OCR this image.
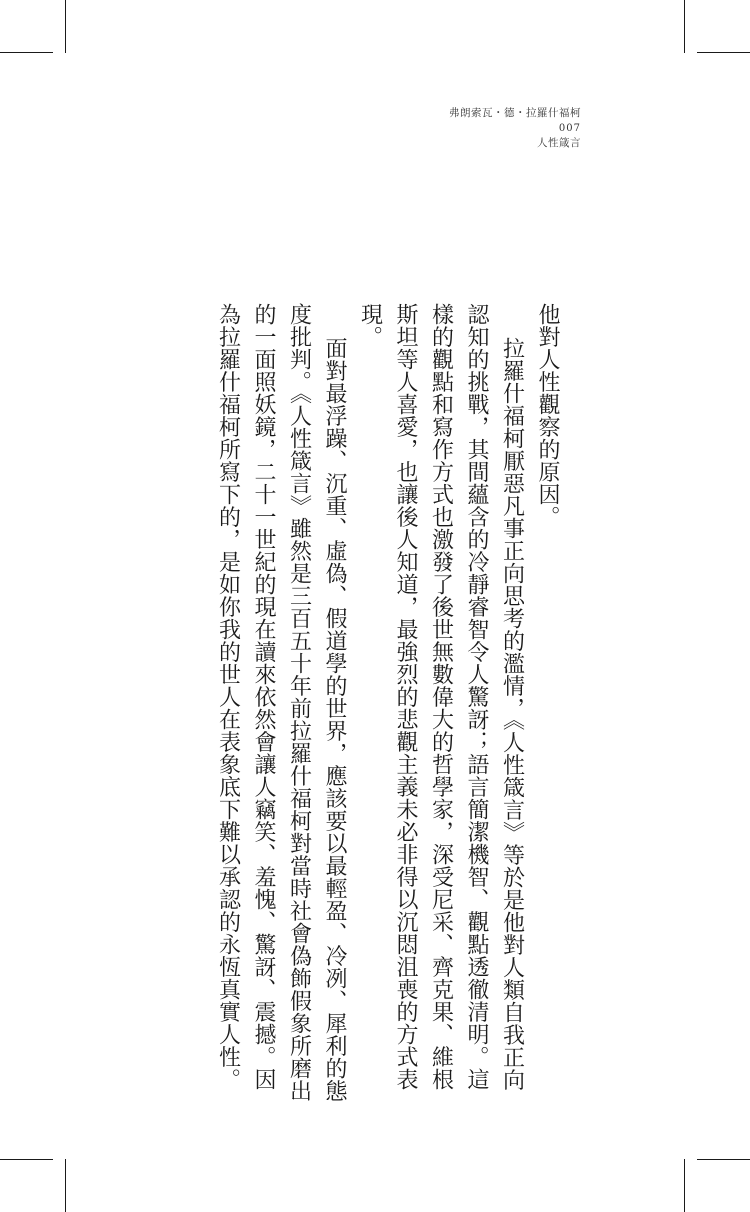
弗朗索瓦・德・拉羅什福柯
007
人性箴言

他對人性觀察的原因。

拉羅什福柯厭惡凡事正向思考的濫情，《人性箴言》等於是他對人類自我正向認知的挑戰，其間蘊含的冷靜睿智令人驚訝；語言簡潔機智、觀點透徹清明。這樣的觀點和寫作方式也激發了後世無數偉大的哲學家，深受尼采、齊克果、維根斯坦等人喜愛，也讓後人知道，最強烈的悲觀主義未必非得以沉悶沮喪的方式表現。

面對最浮躁、沉重、虛偽、假道學的世界，應該要以最輕盈、冷冽、犀利的態度批判。《人性箴言》雖然是三百五十年前拉羅什福柯對當時社會偽飾假象所磨出的一面照妖鏡，二十一世紀的現在讀來依然會讓人竊笑、羞愧、驚訝、震撼。因為拉羅什福柯所寫下的，是如你我的世人在表象底下難以承認的永恆真實人性。
